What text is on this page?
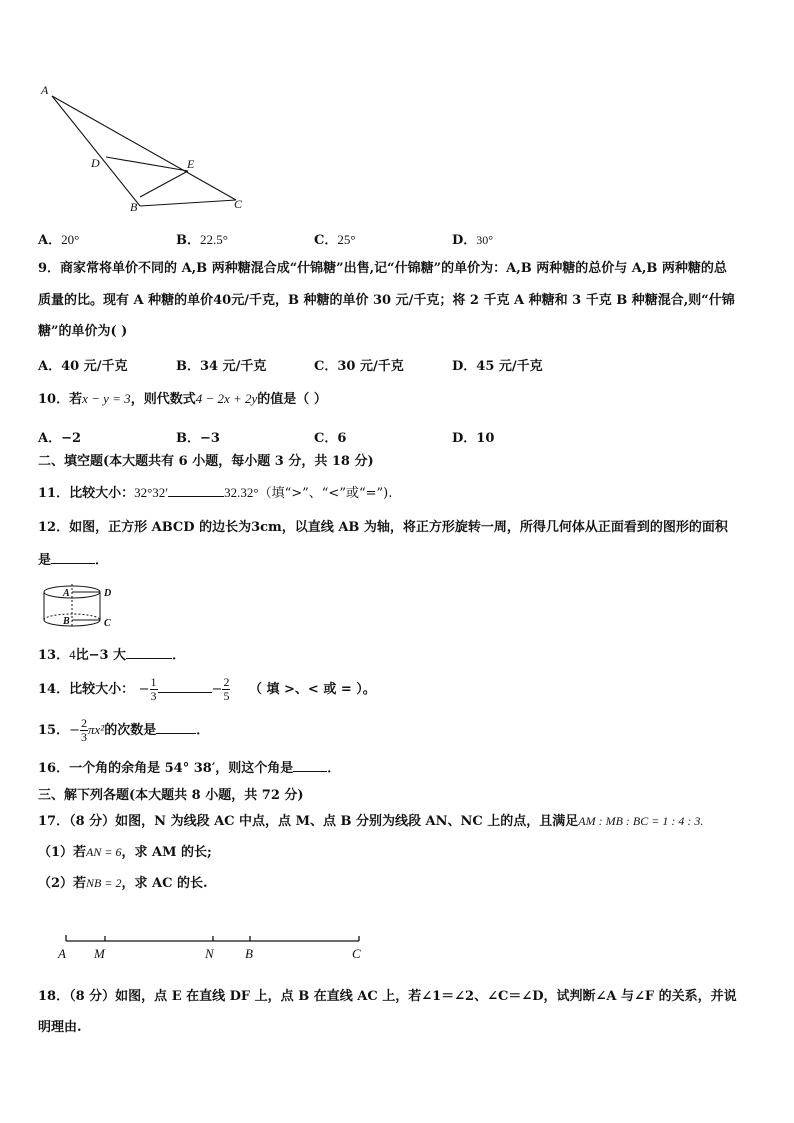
A
D	E
B	C
A．20°	B．22.5°	C．25°	D．30°
9．商家常将单价不同的 A,B 两种糖混合成“什锦糖”出售,记“什锦糖”的单价为：A,B 两种糖的总价与 A,B 两种糖的总
质量的比。现有 A 种糖的单价40元/千克，B 种糖的单价 30 元/千克；将 2 千克 A 种糖和 3 千克 B 种糖混合,则“什锦
糖”的单价为( )
A．40 元/千克	B．34 元/千克	C．30 元/千克	D．45 元/千克
10．若x − y = 3，则代数式4 − 2x + 2y的值是（ ）
A．−2	B．−3	C．6	D．10
二、填空题(本大题共有 6 小题，每小题 3 分，共 18 分)
11．比较大小：32°32′	32.32°（填“>”、“<”或“=”).
12．如图，正方形 ABCD 的边长为3cm，以直线 AB 为轴，将正方形旋转一周，所得几何体从正面看到的图形的面积
是	．
A	D
B	C
13．4比−3 大	．
14．比较大小： − $\frac{1}{3}$	− $\frac{2}{5}$ （ 填 >、< 或 = ）。
15．− $\frac{2}{3} \pi x^2$的次数是	．
16．一个角的余角是 54° 38′，则这个角是	．
三、解下列各题(本大题共 8 小题，共 72 分)
17．（8 分）如图，N 为线段 AC 中点，点 M、点 B 分别为线段 AN、NC 上的点，且满足AM : MB : BC = 1 : 4 : 3.
（1）若AN = 6，求 AM 的长;
（2）若NB = 2，求 AC 的长.
A M	N B	C
18．（8 分）如图，点 E 在直线 DF 上，点 B 在直线 AC 上，若∠1＝∠2、∠C＝∠D，试判断∠A 与∠F 的关系，并说
明理由.
